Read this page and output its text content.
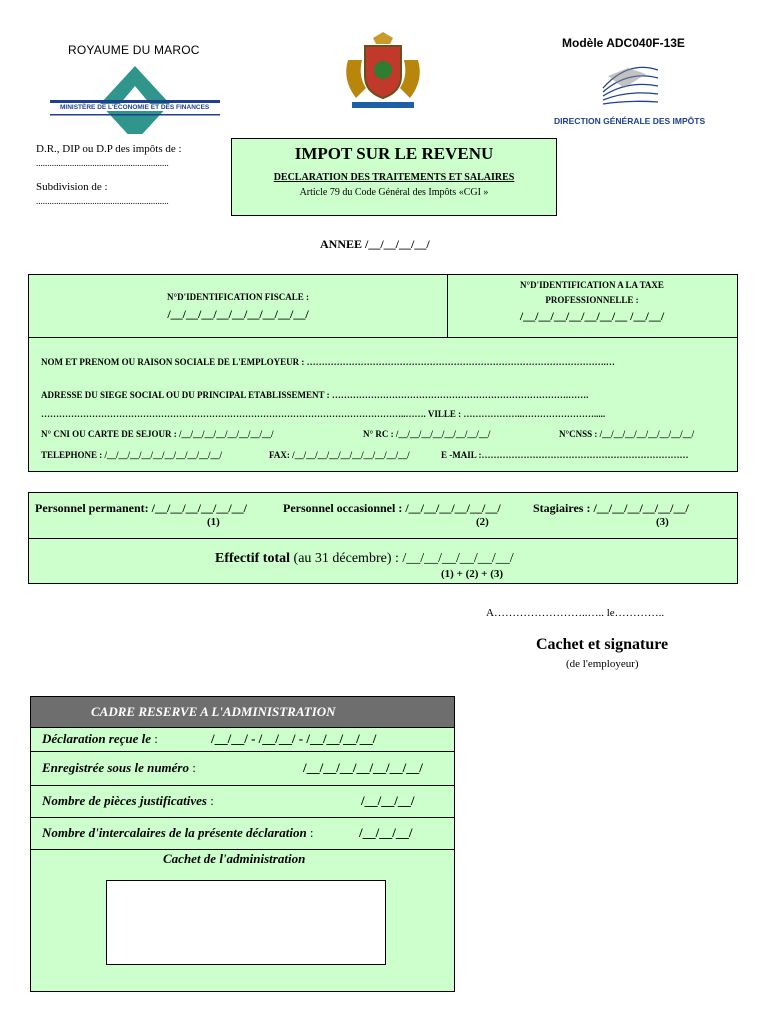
ROYAUME DU MAROC
MINISTÈRE DE L'ÉCONOMIE ET DES FINANCES
Modèle ADC040F-13E
DIRECTION GÉNÉRALE DES IMPÔTS
D.R., DIP ou D.P des impôts de :
...........................................................
Subdivision de :
...........................................................
IMPOT SUR LE REVENU
DECLARATION DES TRAITEMENTS ET SALAIRES
Article 79 du Code Général des Impôts «CGI »
ANNEE /__/__/__/__/
N°D'IDENTIFICATION FISCALE :
/__/__/__/__/__/__/__/__/__/
N°D'IDENTIFICATION A LA TAXE
PROFESSIONNELLE :
/__/__/__/__/__/__/__ /__/__/
NOM ET PRENOM OU RAISON SOCIALE DE L'EMPLOYEUR : ……………………………………………………………………………………….…
ADRESSE DU SIEGE SOCIAL OU DU PRINCIPAL ETABLISSEMENT : …………………………………………………………………….…….
…………………………………………………………………………………………………………..……. VILLE : ………………..…………………….....
N° CNI OU CARTE DE SEJOUR : /__/__/__/__/__/__/__/__/	N° RC : /__/__/__/__/__/__/__/__/	N°CNSS : /__/__/__/__/__/__/__/__/
TELEPHONE : /__/__/__/__/__/__/__/__/__/__/	FAX: /__/__/__/__/__/__/__/__/__/__/	E -MAIL :……………………………………………………………
Personnel permanent: /__/__/__/__/__/__/	Personnel occasionnel : /__/__/__/__/__/__/	Stagiaires : /__/__/__/__/__/__/
(1)	(2)	(3)
Effectif total (au 31 décembre) : /__/__/__/__/__/__/
(1) + (2) + (3)
A……………………..….. le…………..
Cachet et signature
(de l'employeur)
CADRE RESERVE A L'ADMINISTRATION
Déclaration reçue le :	/__/__/ - /__/__/ - /__/__/__/__/
Enregistrée sous le numéro :	/__/__/__/__/__/__/__/
Nombre de pièces justificatives :	/__/__/__/
Nombre d'intercalaires de la présente déclaration :	/__/__/__/
Cachet de l'administration
